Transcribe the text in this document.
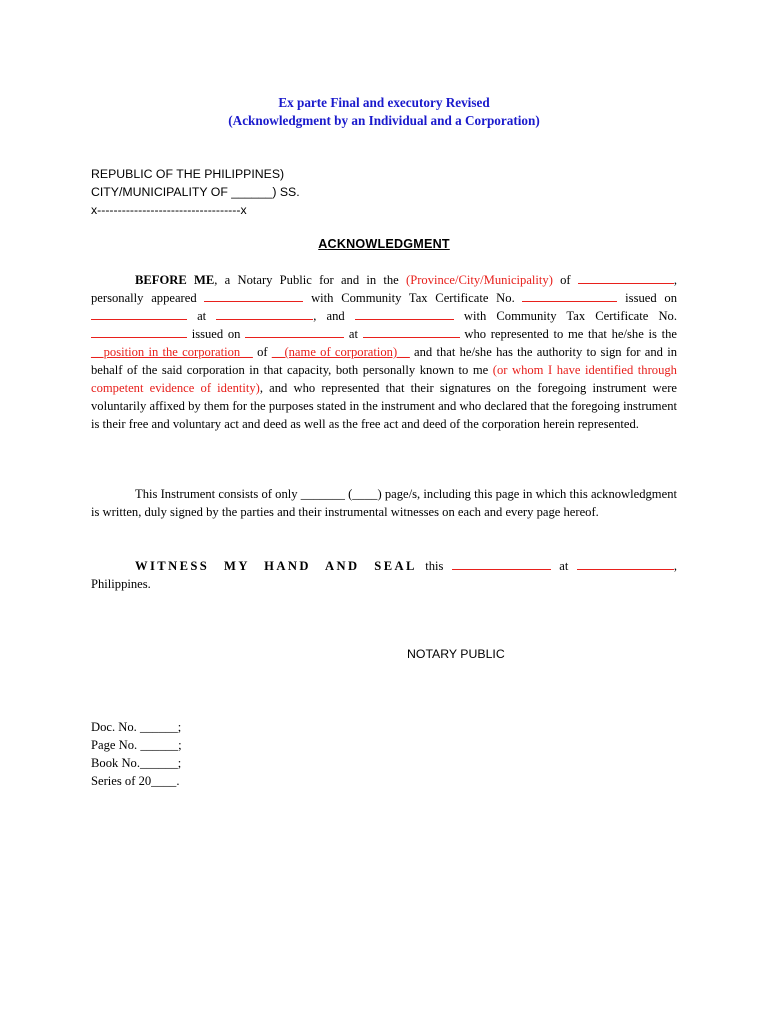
Ex parte Final and executory Revised
(Acknowledgment by an Individual and a Corporation)
REPUBLIC OF THE PHILIPPINES)
CITY/MUNICIPALITY OF ______) SS.
x-----------------------------------x
ACKNOWLEDGMENT
BEFORE ME, a Notary Public for and in the (Province/City/Municipality) of	, personally appeared	with Community Tax Certificate No.	issued on  at	, and	with Community Tax Certificate No.  issued on	at	who represented to me that he/she is the __position in the corporation__ of __(name of corporation)__ and that he/she has the authority to sign for and in behalf of the said corporation in that capacity, both personally known to me (or whom I have identified through competent evidence of identity), and who represented that their signatures on the foregoing instrument were voluntarily affixed by them for the purposes stated in the instrument and who declared that the foregoing instrument is their free and voluntary act and deed as well as the free act and deed of the corporation herein represented.
This Instrument consists of only _______ (____) page/s, including this page in which this acknowledgment is written, duly signed by the parties and their instrumental witnesses on each and every page hereof.
WITNESS MY HAND AND SEAL this	at	, Philippines.
NOTARY PUBLIC
Doc. No. ______;
Page No. ______;
Book No.______;
Series of 20____.
